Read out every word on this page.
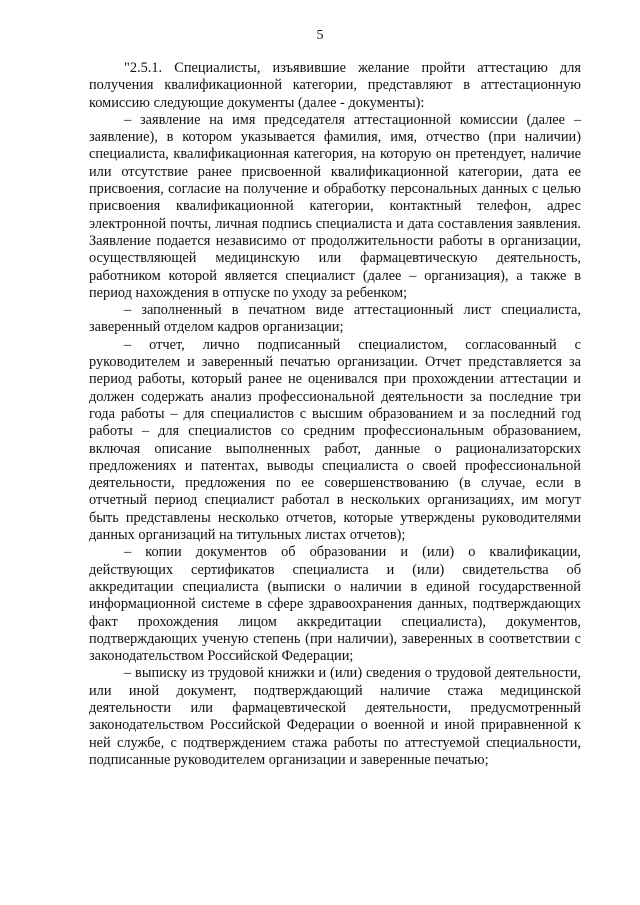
5

"2.5.1. Специалисты, изъявившие желание пройти аттестацию для получения квалификационной категории, представляют в аттестационную комиссию следующие документы (далее - документы):

– заявление на имя председателя аттестационной комиссии (далее – заявление), в котором указывается фамилия, имя, отчество (при наличии) специалиста, квалификационная категория, на которую он претендует, наличие или отсутствие ранее присвоенной квалификационной категории, дата ее присвоения, согласие на получение и обработку персональных данных с целью присвоения квалификационной категории, контактный телефон, адрес электронной почты, личная подпись специалиста и дата составления заявления. Заявление подается независимо от продолжительности работы в организации, осуществляющей медицинскую или фармацевтическую деятельность, работником которой является специалист (далее – организация), а также в период нахождения в отпуске по уходу за ребенком;

– заполненный в печатном виде аттестационный лист специалиста, заверенный отделом кадров организации;

– отчет, лично подписанный специалистом, согласованный с руководителем и заверенный печатью организации. Отчет представляется за период работы, который ранее не оценивался при прохождении аттестации и должен содержать анализ профессиональной деятельности за последние три года работы – для специалистов с высшим образованием и за последний год работы – для специалистов со средним профессиональным образованием, включая описание выполненных работ, данные о рационализаторских предложениях и патентах, выводы специалиста о своей профессиональной деятельности, предложения по ее совершенствованию (в случае, если в отчетный период специалист работал в нескольких организациях, им могут быть представлены несколько отчетов, которые утверждены руководителями данных организаций на титульных листах отчетов);

– копии документов об образовании и (или) о квалификации, действующих сертификатов специалиста и (или) свидетельства об аккредитации специалиста (выписки о наличии в единой государственной информационной системе в сфере здравоохранения данных, подтверждающих факт прохождения лицом аккредитации специалиста), документов, подтверждающих ученую степень (при наличии), заверенных в соответствии с законодательством Российской Федерации;

– выписку из трудовой книжки и (или) сведения о трудовой деятельности, или иной документ, подтверждающий наличие стажа медицинской деятельности или фармацевтической деятельности, предусмотренный законодательством Российской Федерации о военной и иной приравненной к ней службе, с подтверждением стажа работы по аттестуемой специальности, подписанные руководителем организации и заверенные печатью;
